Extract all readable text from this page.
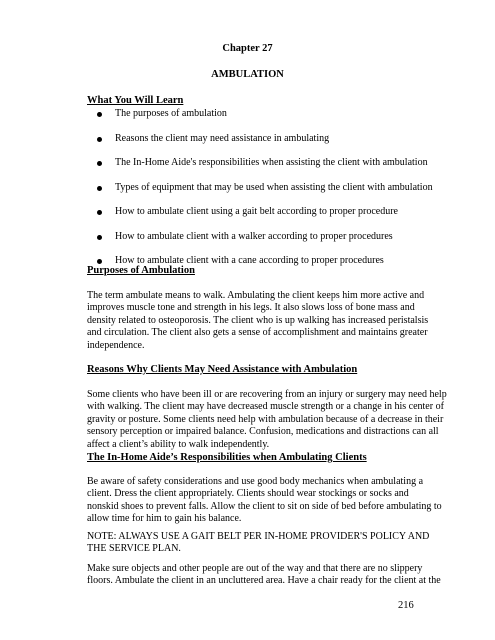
Chapter 27
AMBULATION
What You Will Learn
The purposes of ambulation
Reasons the client may need assistance in ambulating
The In-Home Aide's responsibilities when assisting the client with ambulation
Types of equipment that may be used when assisting the client with ambulation
How to ambulate client using a gait belt according to proper procedure
How to ambulate client with a walker according to proper procedures
How to ambulate client with a cane according to proper procedures
Purposes of Ambulation

The term ambulate means to walk. Ambulating the client keeps him more active and
improves muscle tone and strength in his legs. It also slows loss of bone mass and
density related to osteoporosis. The client who is up walking has increased peristalsis
and circulation. The client also gets a sense of accomplishment and maintains greater
independence.

Reasons Why Clients May Need Assistance with Ambulation

Some clients who have been ill or are recovering from an injury or surgery may need help
with walking. The client may have decreased muscle strength or a change in his center of
gravity or posture. Some clients need help with ambulation because of a decrease in their
sensory perception or impaired balance. Confusion, medications and distractions can all
affect a client’s ability to walk independently.

The In-Home Aide’s Responsibilities when Ambulating Clients

Be aware of safety considerations and use good body mechanics when ambulating a
client. Dress the client appropriately. Clients should wear stockings or socks and
nonskid shoes to prevent falls. Allow the client to sit on side of bed before ambulating to
allow time for him to gain his balance.

NOTE: ALWAYS USE A GAIT BELT PER IN-HOME PROVIDER'S POLICY AND
THE SERVICE PLAN.

Make sure objects and other people are out of the way and that there are no slippery
floors. Ambulate the client in an uncluttered area. Have a chair ready for the client at the

216
